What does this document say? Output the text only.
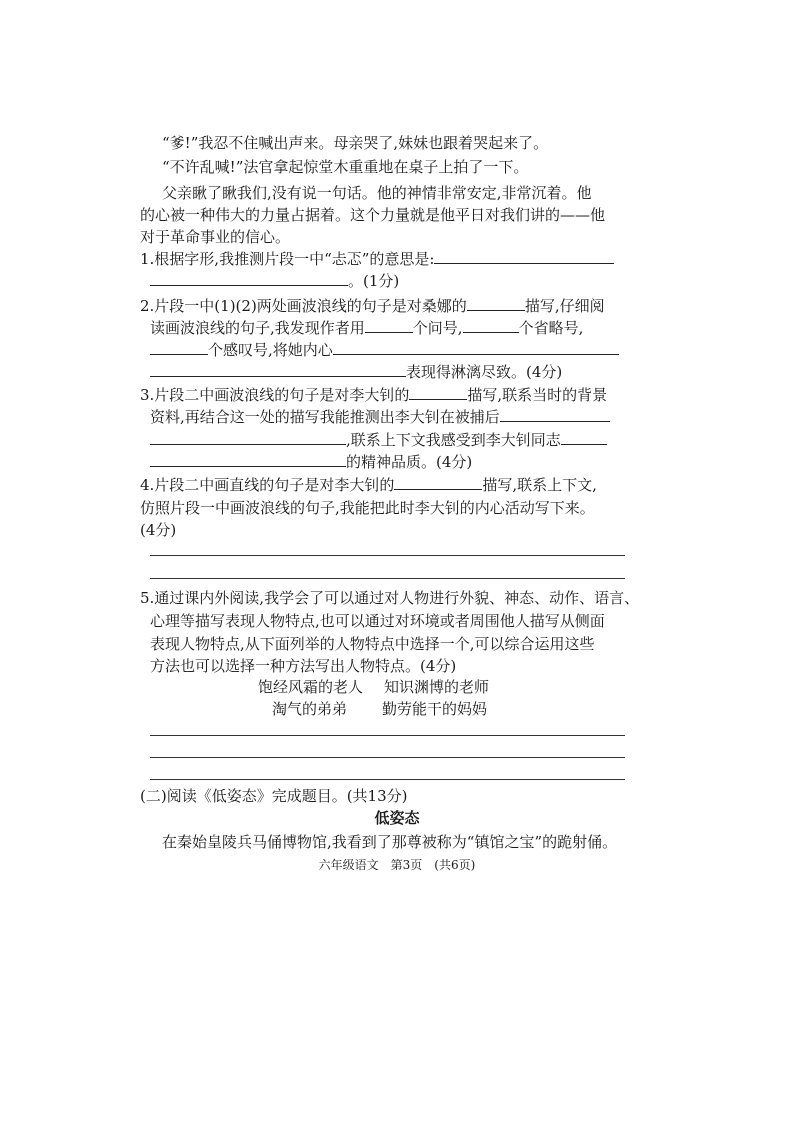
“爹!”我忍不住喊出声来。母亲哭了,妹妹也跟着哭起来了。
“不许乱喊!”法官拿起惊堂木重重地在桌子上拍了一下。
父亲瞅了瞅我们,没有说一句话。他的神情非常安定,非常沉着。他
的心被一种伟大的力量占据着。这个力量就是他平日对我们讲的——他
对于革命事业的信心。
1.根据字形,我推测片段一中“忐忑”的意思是:
。(1分)
2.片段一中(1)(2)两处画波浪线的句子是对桑娜的	描写,仔细阅
读画波浪线的句子,我发现作者用	个问号,	个省略号,
个感叹号,将她内心
表现得淋漓尽致。(4分)
3.片段二中画波浪线的句子是对李大钊的	描写,联系当时的背景
资料,再结合这一处的描写我能推测出李大钊在被捕后
,联系上下文我感受到李大钊同志
的精神品质。(4分)
4.片段二中画直线的句子是对李大钊的	描写,联系上下文,
仿照片段一中画波浪线的句子,我能把此时李大钊的内心活动写下来。
(4分)
5.通过课内外阅读,我学会了可以通过对人物进行外貌、神态、动作、语言、
心理等描写表现人物特点,也可以通过对环境或者周围他人描写从侧面
表现人物特点,从下面列举的人物特点中选择一个,可以综合运用这些
方法也可以选择一种方法写出人物特点。(4分)
饱经风霜的老人 知识渊博的老师
淘气的弟弟 勤劳能干的妈妈
(二)阅读《低姿态》完成题目。(共13分)
低姿态
在秦始皇陵兵马俑博物馆,我看到了那尊被称为“镇馆之宝”的跪射俑。
六年级语文　第3页　(共6页)
